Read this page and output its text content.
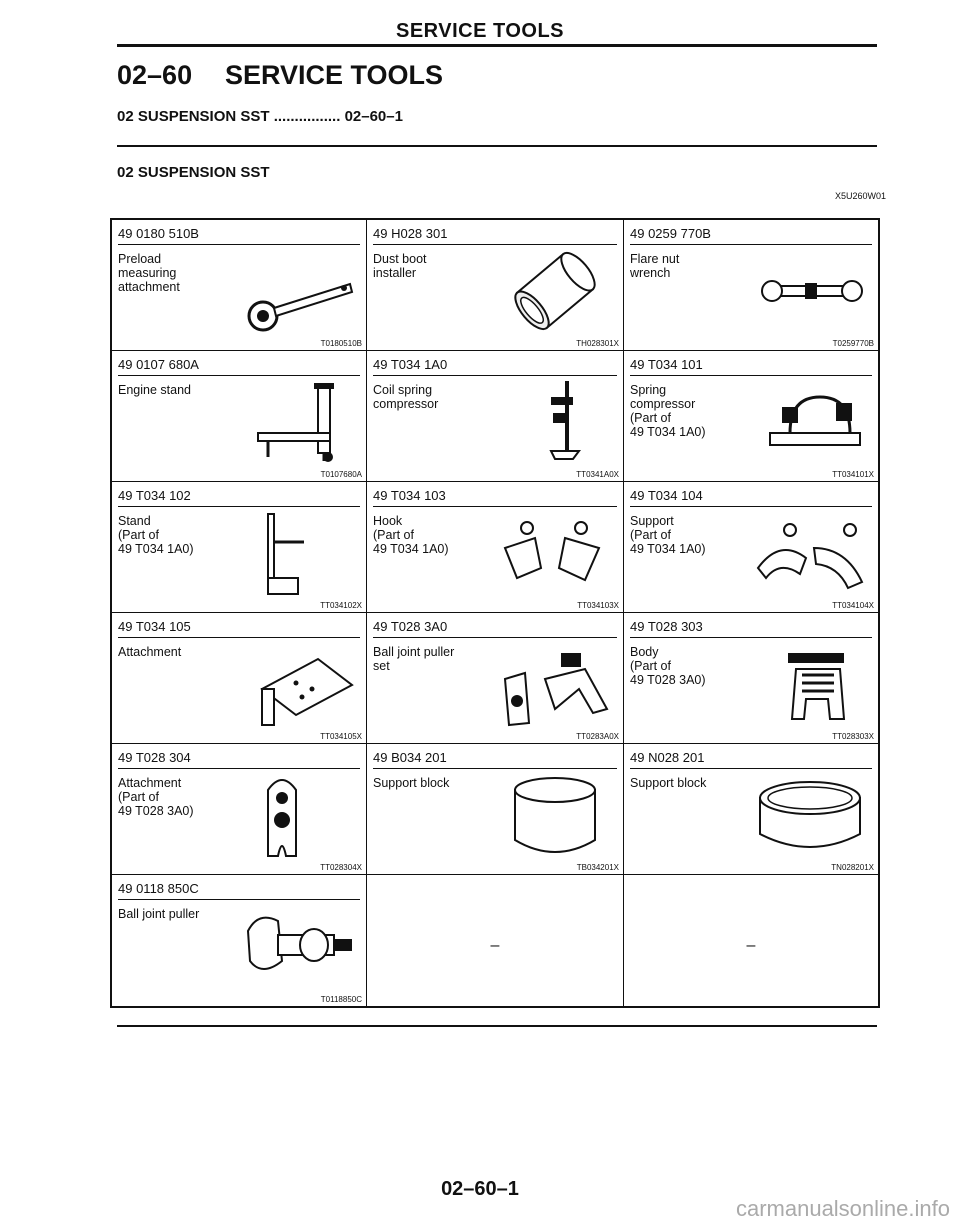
SERVICE TOOLS
02–60 SERVICE TOOLS
02 SUSPENSION SST ................ 02–60–1
02 SUSPENSION SST
X5U260W01
49 0180 510B
Preload
measuring
attachment
T0180510B
49 H028 301
Dust boot
installer
TH028301X
49 0259 770B
Flare nut
wrench
T0259770B
49 0107 680A
Engine stand
T0107680A
49 T034 1A0
Coil spring
compressor
TT0341A0X
49 T034 101
Spring
compressor
(Part of
49 T034 1A0)
TT034101X
49 T034 102
Stand
(Part of
49 T034 1A0)
TT034102X
49 T034 103
Hook
(Part of
49 T034 1A0)
TT034103X
49 T034 104
Support
(Part of
49 T034 1A0)
TT034104X
49 T034 105
Attachment
TT034105X
49 T028 3A0
Ball joint puller
set
TT0283A0X
49 T028 303
Body
(Part of
49 T028 3A0)
TT028303X
49 T028 304
Attachment
(Part of
49 T028 3A0)
TT028304X
49 B034 201
Support block
TB034201X
49 N028 201
Support block
TN028201X
49 0118 850C
Ball joint puller
T0118850C
–	–
02–60–1
carmanualsonline.info
